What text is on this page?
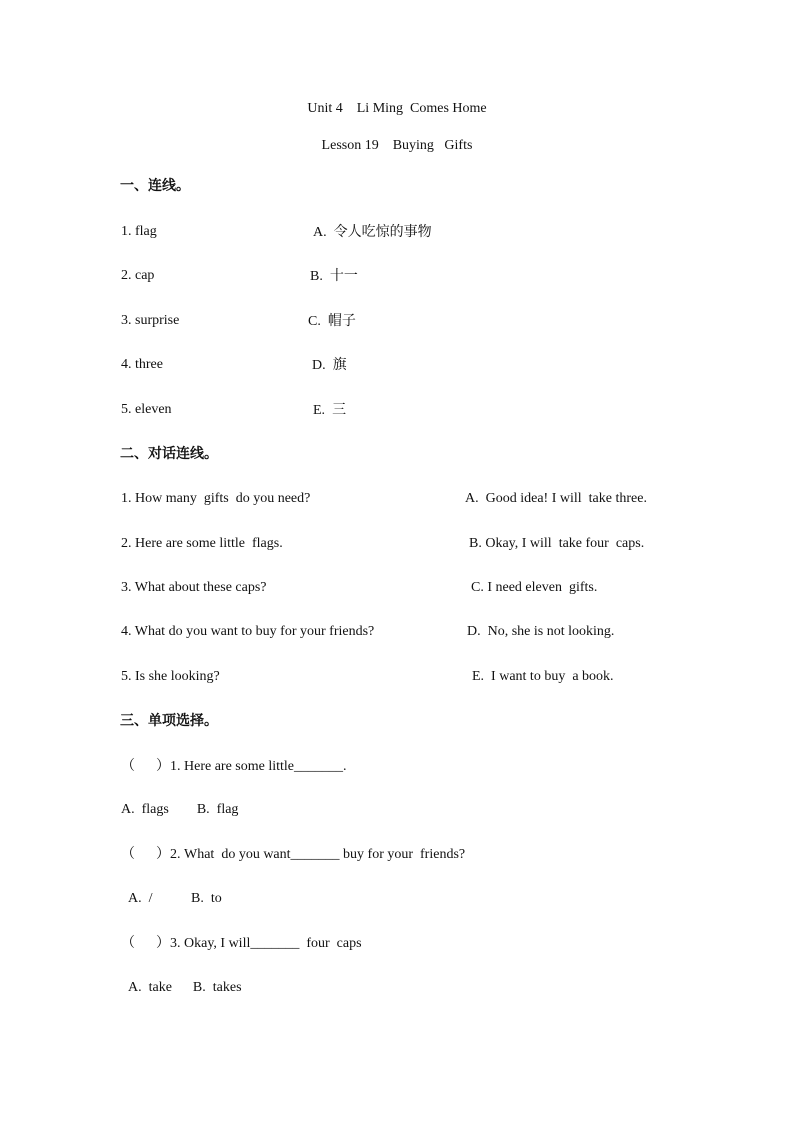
Unit 4    Li Ming  Comes Home
Lesson 19    Buying   Gifts
一、连线。
1. flag
2. cap
3. surprise
4. three
5. eleven
A. 令人吃惊的事物
B. 十一
C. 帽子
D. 旗
E. 三
二、对话连线。
1. How many  gifts  do you need?
2. Here are some little  flags.
3. What about these caps?
4. What do you want to buy for your friends?
5. Is she looking?
A.  Good idea! I will  take three.
B. Okay, I will  take four  caps.
C. I need eleven  gifts.
D.  No, she is not looking.
E.  I want to buy  a book.
三、单项选择。
（      ）1. Here are some little_______.
A.  flags        B.  flag
（      ）2. What  do you want_______ buy for your  friends?
A.  /           B.  to
（      ）3. Okay, I will_______  four  caps
A.  take      B.  takes
